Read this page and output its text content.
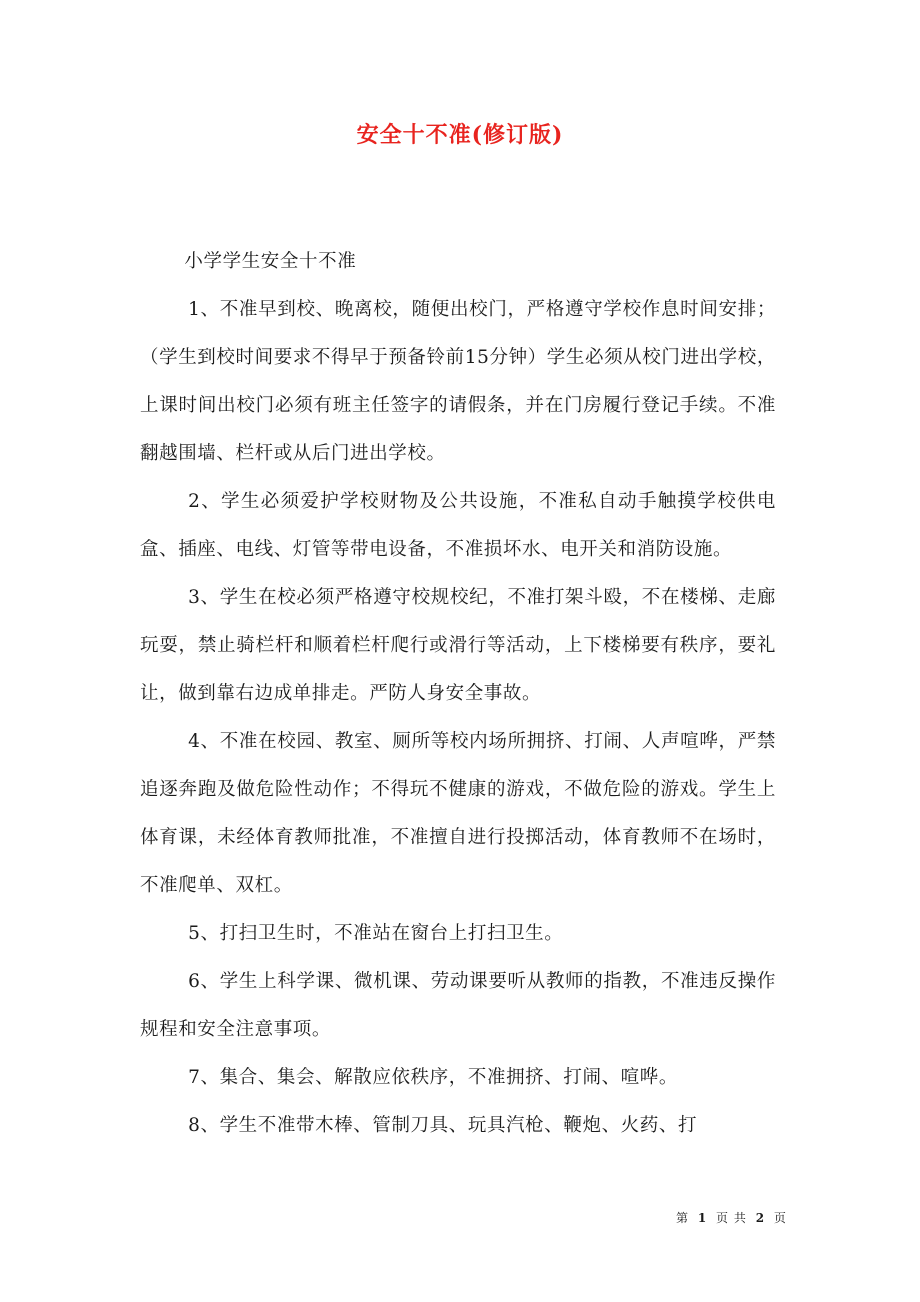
安全十不准(修订版)

小学学生安全十不准

1、不准早到校、晚离校，随便出校门，严格遵守学校作息时间安排；（学生到校时间要求不得早于预备铃前15分钟）学生必须从校门进出学校，上课时间出校门必须有班主任签字的请假条，并在门房履行登记手续。不准翻越围墙、栏杆或从后门进出学校。

2、学生必须爱护学校财物及公共设施，不准私自动手触摸学校供电盒、插座、电线、灯管等带电设备，不准损坏水、电开关和消防设施。

3、学生在校必须严格遵守校规校纪，不准打架斗殴，不在楼梯、走廊玩耍，禁止骑栏杆和顺着栏杆爬行或滑行等活动，上下楼梯要有秩序，要礼让，做到靠右边成单排走。严防人身安全事故。

4、不准在校园、教室、厕所等校内场所拥挤、打闹、人声喧哗，严禁追逐奔跑及做危险性动作；不得玩不健康的游戏，不做危险的游戏。学生上体育课，未经体育教师批准，不准擅自进行投掷活动，体育教师不在场时，不准爬单、双杠。

5、打扫卫生时，不准站在窗台上打扫卫生。

6、学生上科学课、微机课、劳动课要听从教师的指教，不准违反操作规程和安全注意事项。

7、集合、集会、解散应依秩序，不准拥挤、打闹、喧哗。

8、学生不准带木棒、管制刀具、玩具汽枪、鞭炮、火药、打

第 1 页 共 2 页
